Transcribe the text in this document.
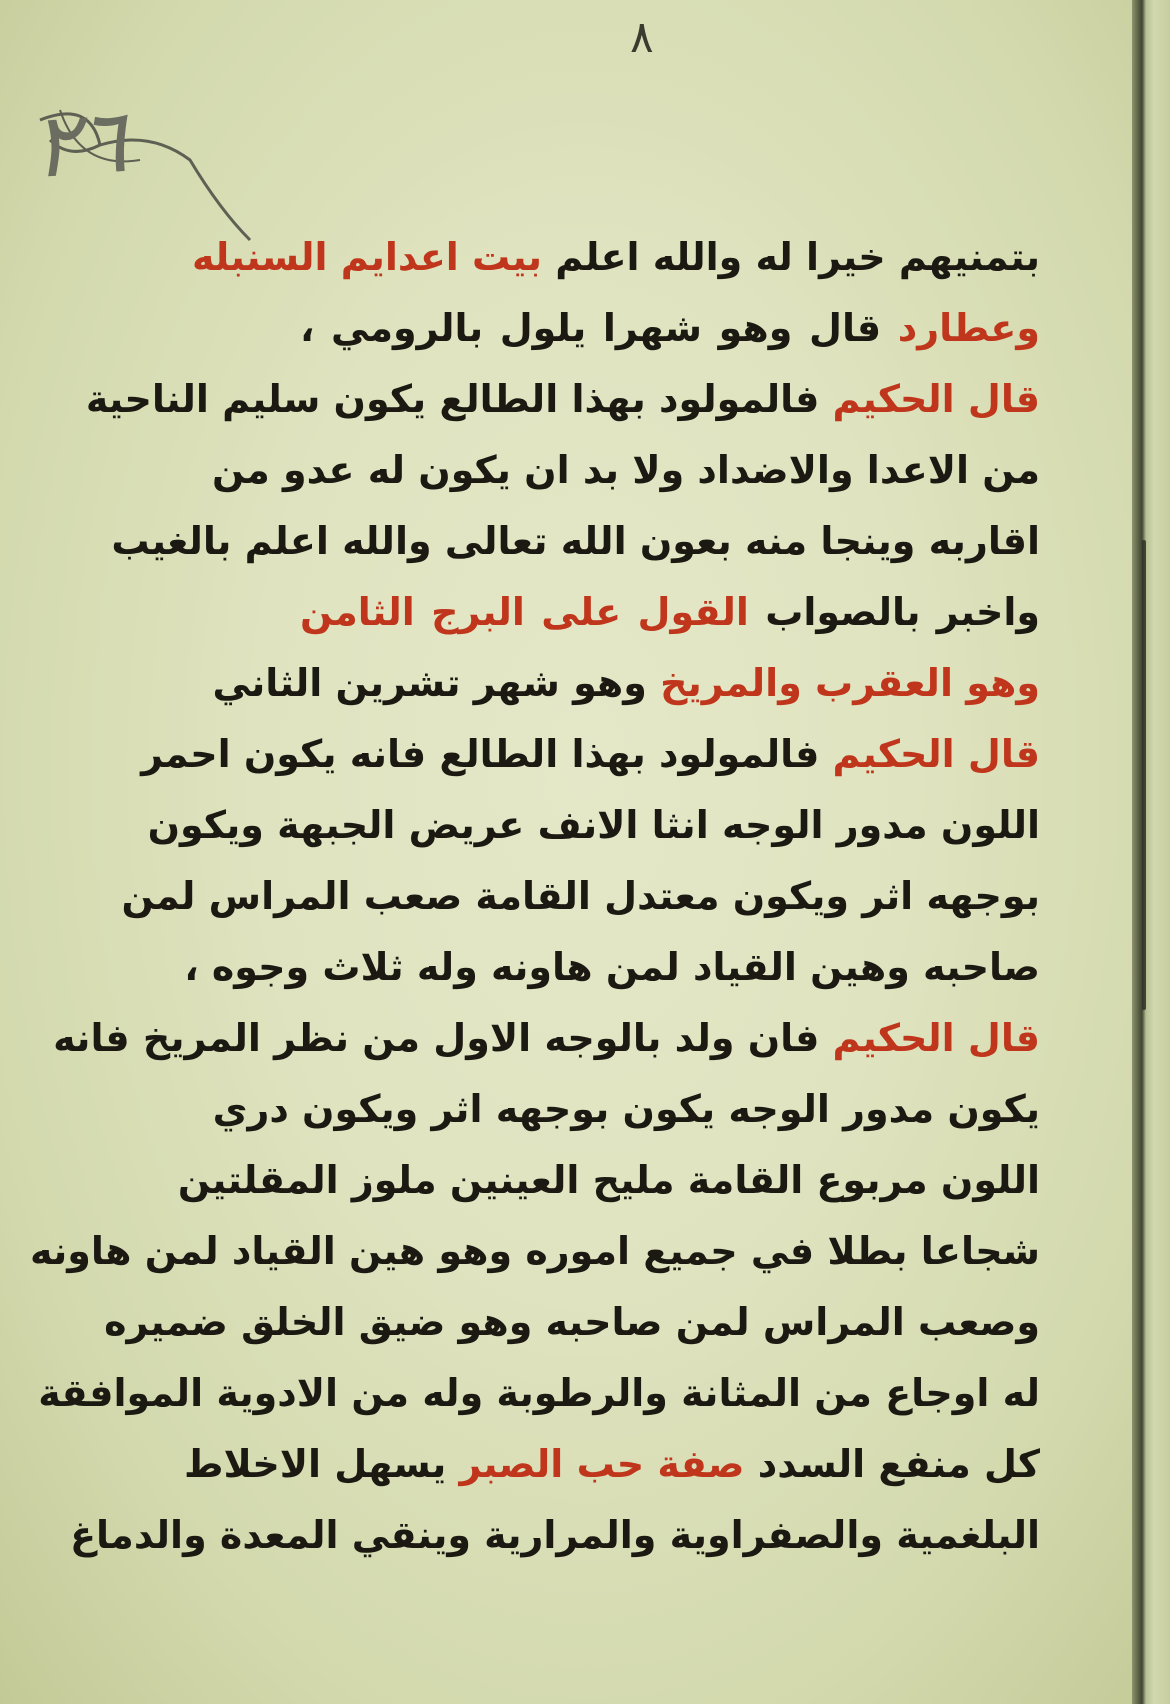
٨
٢٦
بتمنيهم خيرا له والله اعلم بيت اعدايم السنبله
وعطارد قال وهو شهرا يلول بالرومي ،
قال الحكيم فالمولود بهذا الطالع يكون سليم الناحية
من الاعدا والاضداد ولا بد ان يكون له عدو من
اقاربه وينجا منه بعون الله تعالى والله اعلم بالغيب
واخبر بالصواب القول على البرج الثامن
وهو العقرب والمريخ وهو شهر تشرين الثاني
قال الحكيم فالمولود بهذا الطالع فانه يكون احمر
اللون مدور الوجه انثا الانف عريض الجبهة ويكون
بوجهه اثر ويكون معتدل القامة صعب المراس لمن
صاحبه وهين القياد لمن هاونه وله ثلاث وجوه ،
قال الحكيم فان ولد بالوجه الاول من نظر المريخ فانه
يكون مدور الوجه يكون بوجهه اثر ويكون دري
اللون مربوع القامة مليح العينين ملوز المقلتين
شجاعا بطلا في جميع اموره وهو هين القياد لمن هاونه
وصعب المراس لمن صاحبه وهو ضيق الخلق ضميره
له اوجاع من المثانة والرطوبة وله من الادوية الموافقة
كل منفع السدد صفة حب الصبر يسهل الاخلاط
البلغمية والصفراوية والمرارية وينقي المعدة والدماغ
